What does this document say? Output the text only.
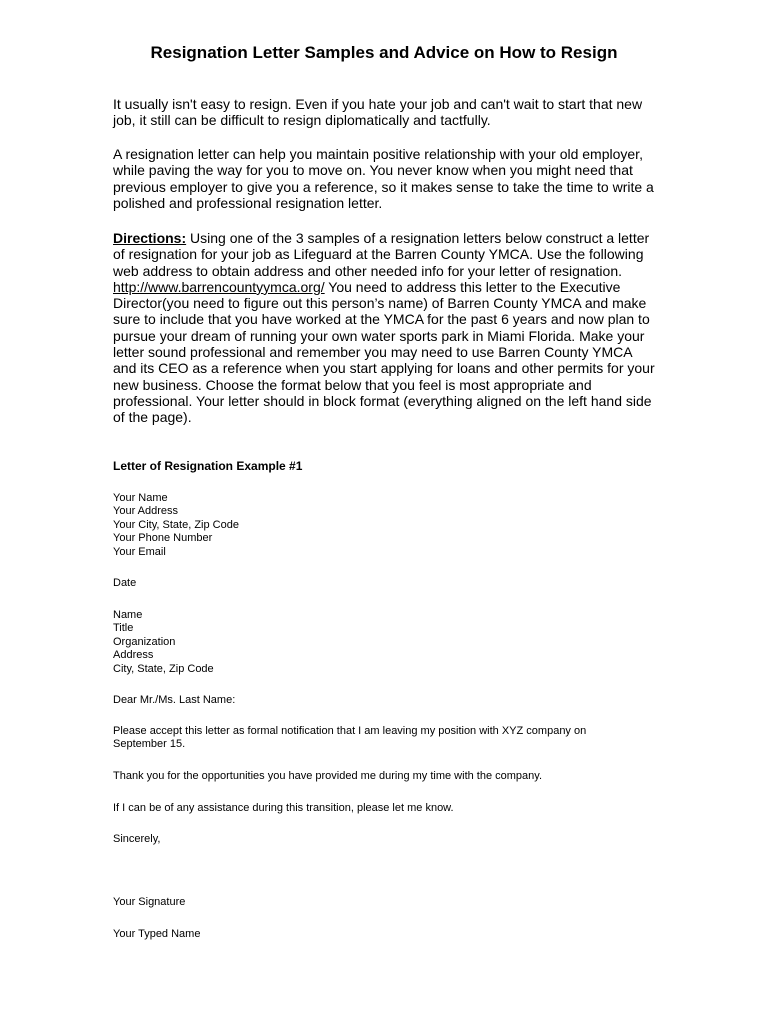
Resignation Letter Samples and Advice on How to Resign

It usually isn't easy to resign. Even if you hate your job and can't wait to start that new job, it still can be difficult to resign diplomatically and tactfully.

A resignation letter can help you maintain positive relationship with your old employer, while paving the way for you to move on. You never know when you might need that previous employer to give you a reference, so it makes sense to take the time to write a polished and professional resignation letter.

Directions: Using one of the 3 samples of a resignation letters below construct a letter of resignation for your job as Lifeguard at the Barren County YMCA. Use the following web address to obtain address and other needed info for your letter of resignation. http://www.barrencountyymca.org/ You need to address this letter to the Executive Director(you need to figure out this person’s name) of Barren County YMCA and make sure to include that you have worked at the YMCA for the past 6 years and now plan to pursue your dream of running your own water sports park in Miami Florida. Make your letter sound professional and remember you may need to use Barren County YMCA and its CEO as a reference when you start applying for loans and other permits for your new business. Choose the format below that you feel is most appropriate and professional. Your letter should in block format (everything aligned on the left hand side of the page).

Letter of Resignation Example #1
Your Name
Your Address
Your City, State, Zip Code
Your Phone Number
Your Email
Date
Name
Title
Organization
Address
City, State, Zip Code
Dear Mr./Ms. Last Name:

Please accept this letter as formal notification that I am leaving my position with XYZ company on September 15.

Thank you for the opportunities you have provided me during my time with the company.

If I can be of any assistance during this transition, please let me know.

Sincerely,
Your Signature
Your Typed Name
